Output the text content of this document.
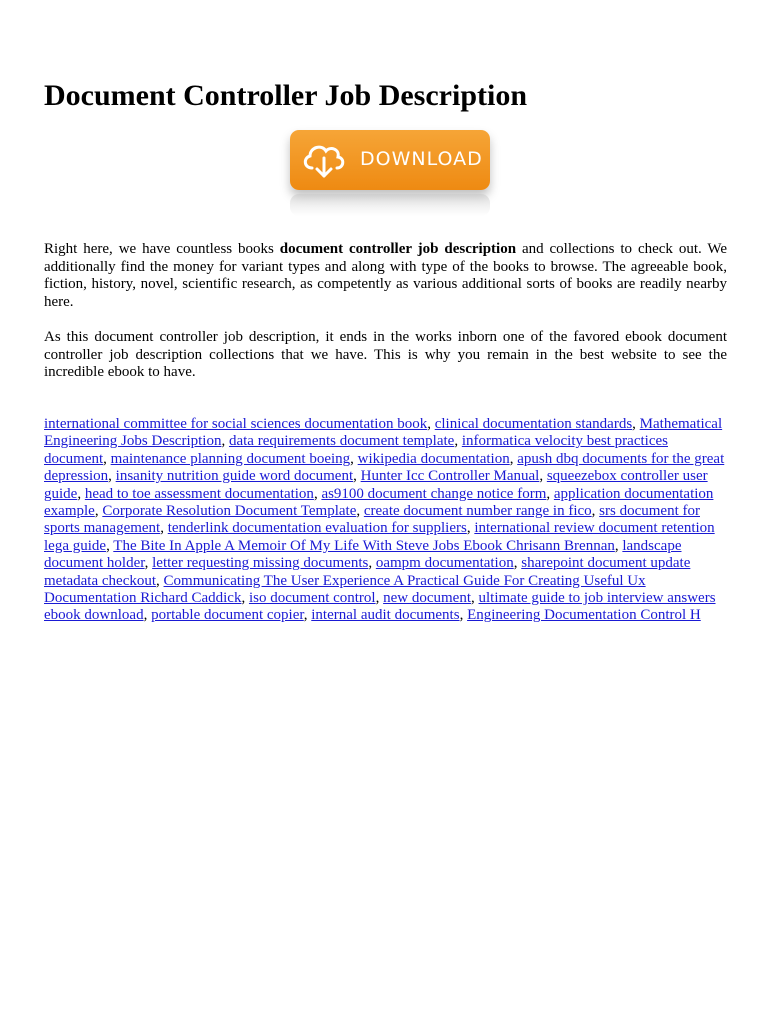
Document Controller Job Description
DOWNLOAD

Right here, we have countless books document controller job description and collections to check out. We additionally find the money for variant types and along with type of the books to browse. The agreeable book, fiction, history, novel, scientific research, as competently as various additional sorts of books are readily nearby here.

As this document controller job description, it ends in the works inborn one of the favored ebook document controller job description collections that we have. This is why you remain in the best website to see the incredible ebook to have.

international committee for social sciences documentation book, clinical documentation standards, Mathematical Engineering Jobs Description, data requirements document template, informatica velocity best practices document, maintenance planning document boeing, wikipedia documentation, apush dbq documents for the great depression, insanity nutrition guide word document, Hunter Icc Controller Manual, squeezebox controller user guide, head to toe assessment documentation, as9100 document change notice form, application documentation example, Corporate Resolution Document Template, create document number range in fico, srs document for sports management, tenderlink documentation evaluation for suppliers, international review document retention lega guide, The Bite In Apple A Memoir Of My Life With Steve Jobs Ebook Chrisann Brennan, landscape document holder, letter requesting missing documents, oampm documentation, sharepoint document update metadata checkout, Communicating The User Experience A Practical Guide For Creating Useful Ux Documentation Richard Caddick, iso document control, new document, ultimate guide to job interview answers ebook download, portable document copier, internal audit documents, Engineering Documentation Control H
